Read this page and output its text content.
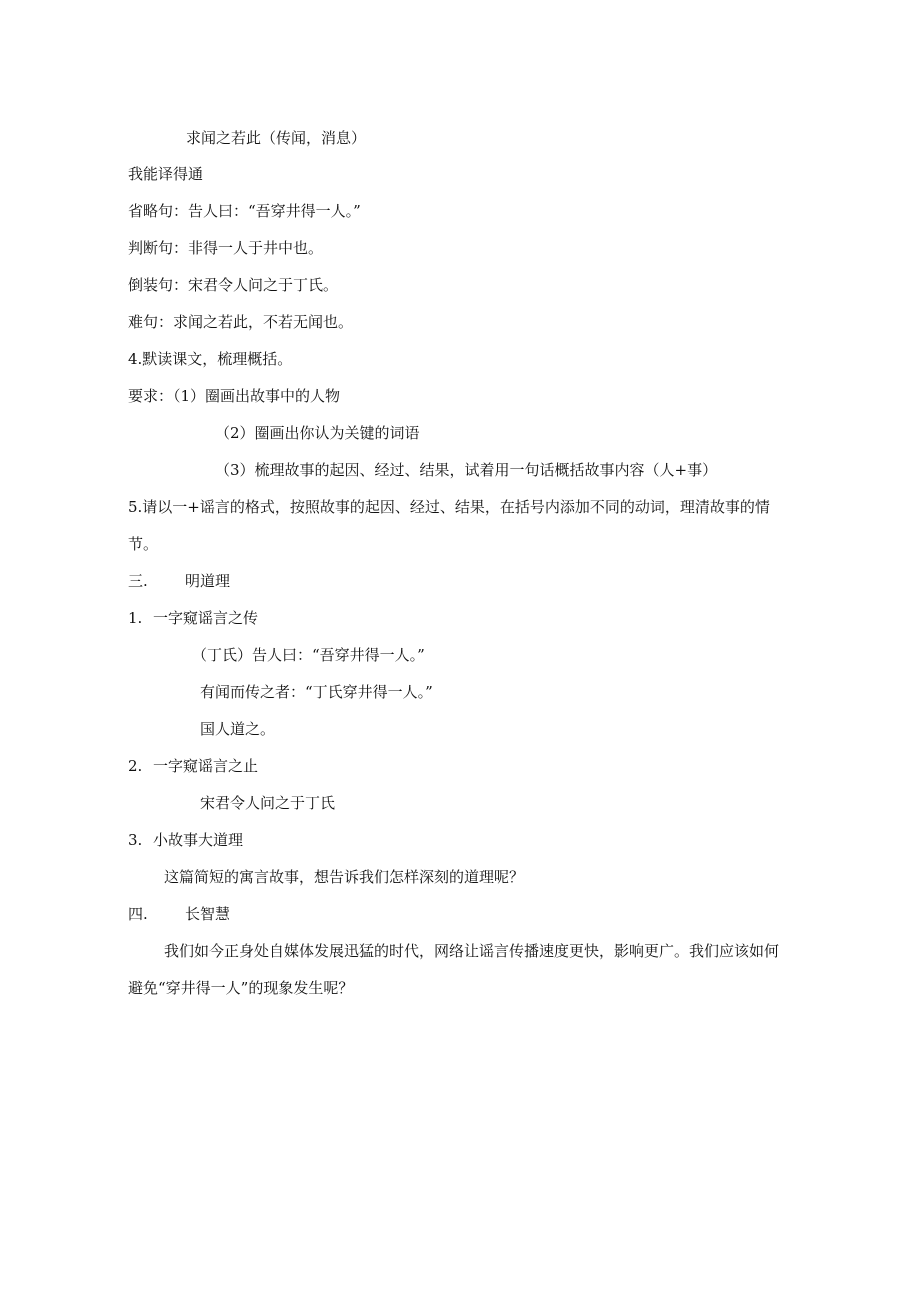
求闻之若此（传闻，消息）
我能译得通
省略句：告人曰：“吾穿井得一人。”
判断句：非得一人于井中也。
倒装句：宋君令人问之于丁氏。
难句：求闻之若此，不若无闻也。
4.默读课文，梳理概括。
要求：（1）圈画出故事中的人物
（2）圈画出你认为关键的词语
（3）梳理故事的起因、经过、结果，试着用一句话概括故事内容（人+事）
5.请以一+谣言的格式，按照故事的起因、经过、结果，在括号内添加不同的动词，理清故事的情
节。
三. 明道理
1. 一字窥谣言之传
（丁氏）告人曰：“吾穿井得一人。”
有闻而传之者：“丁氏穿井得一人。”
国人道之。
2. 一字窥谣言之止
宋君令人问之于丁氏
3. 小故事大道理
这篇简短的寓言故事，想告诉我们怎样深刻的道理呢？
四. 长智慧
我们如今正身处自媒体发展迅猛的时代，网络让谣言传播速度更快，影响更广。我们应该如何
避免“穿井得一人”的现象发生呢？
